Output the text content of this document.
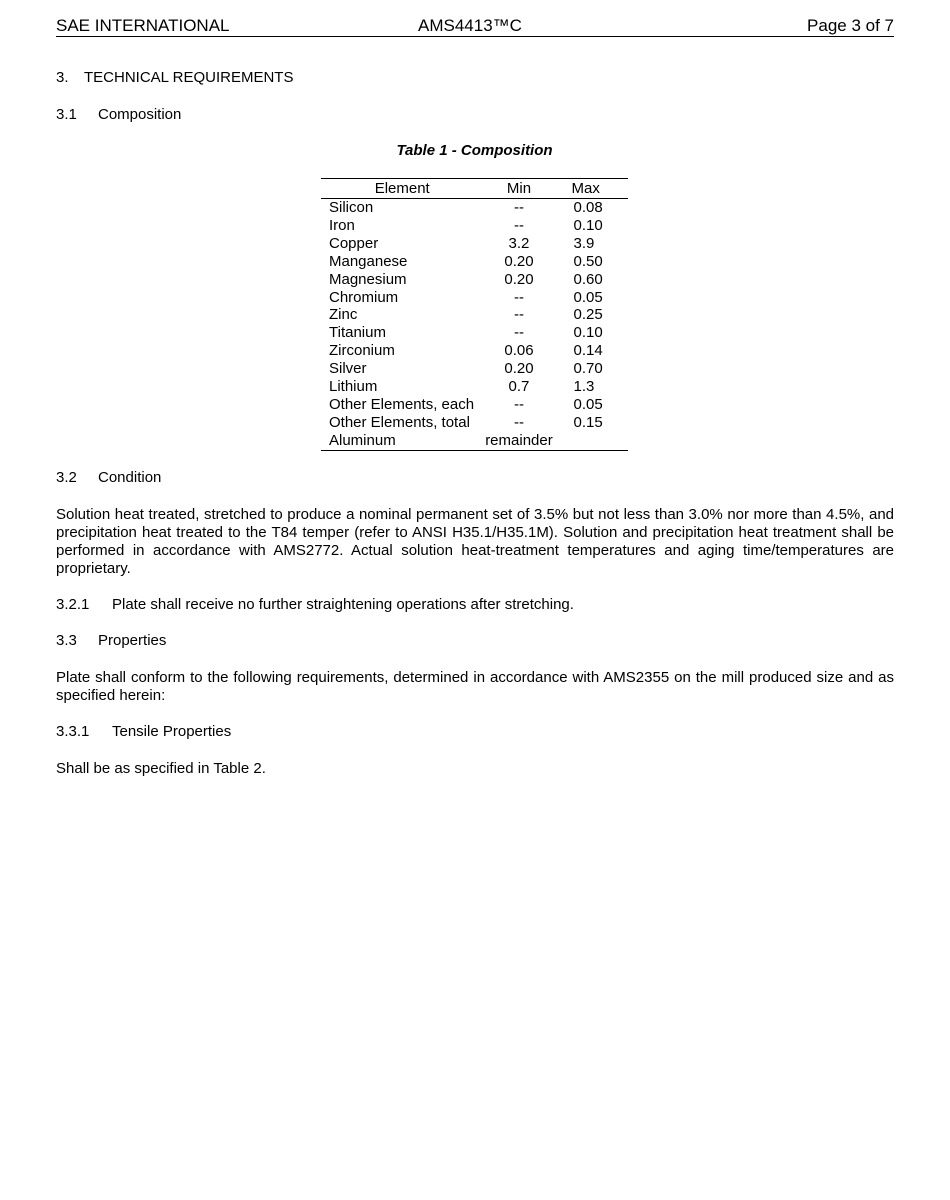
SAE INTERNATIONAL	AMS4413™C	Page 3 of 7
3. TECHNICAL REQUIREMENTS
3.1 Composition
Table 1 - Composition
Element	Min	Max
Silicon	--	0.08
Iron	--	0.10
Copper	3.2	3.9
Manganese	0.20	0.50
Magnesium	0.20	0.60
Chromium	--	0.05
Zinc	--	0.25
Titanium	--	0.10
Zirconium	0.06	0.14
Silver	0.20	0.70
Lithium	0.7	1.3
Other Elements, each	--	0.05
Other Elements, total	--	0.15
Aluminum	remainder	
3.2 Condition
Solution heat treated, stretched to produce a nominal permanent set of 3.5% but not less than 3.0% nor more than 4.5%, and precipitation heat treated to the T84 temper (refer to ANSI H35.1/H35.1M). Solution and precipitation heat treatment shall be performed in accordance with AMS2772. Actual solution heat-treatment temperatures and aging time/temperatures are proprietary.
3.2.1 Plate shall receive no further straightening operations after stretching.
3.3 Properties
Plate shall conform to the following requirements, determined in accordance with AMS2355 on the mill produced size and as specified herein:
3.3.1 Tensile Properties
Shall be as specified in Table 2.
